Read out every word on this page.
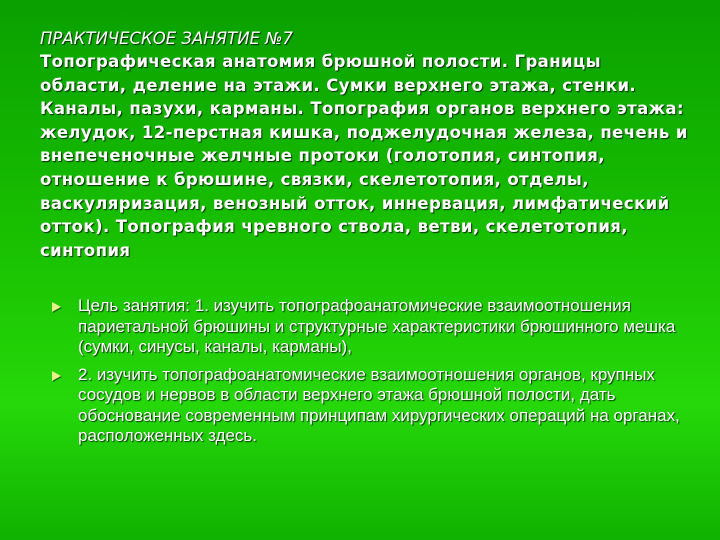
ПРАКТИЧЕСКОЕ ЗАНЯТИЕ №7

Топографическая анатомия брюшной полости. Границы области, деление на этажи. Сумки верхнего этажа, стенки. Каналы, пазухи, карманы. Топография органов верхнего этажа: желудок, 12-перстная кишка, поджелудочная железа, печень и внепеченочные желчные протоки (голотопия, синтопия, отношение к брюшине, связки, скелетотопия, отделы, васкуляризация, венозный отток, иннервация, лимфатический отток). Топография чревного ствола, ветви, скелетотопия, синтопия

Цель занятия: 1. изучить топографоанатомические взаимоотношения париетальной брюшины и структурные характеристики брюшинного мешка (сумки, синусы, каналы, карманы),
2. изучить топографоанатомические взаимоотношения органов, крупных сосудов и нервов в области верхнего этажа брюшной полости, дать обоснование современным принципам хирургических операций на органах, расположенных здесь.
